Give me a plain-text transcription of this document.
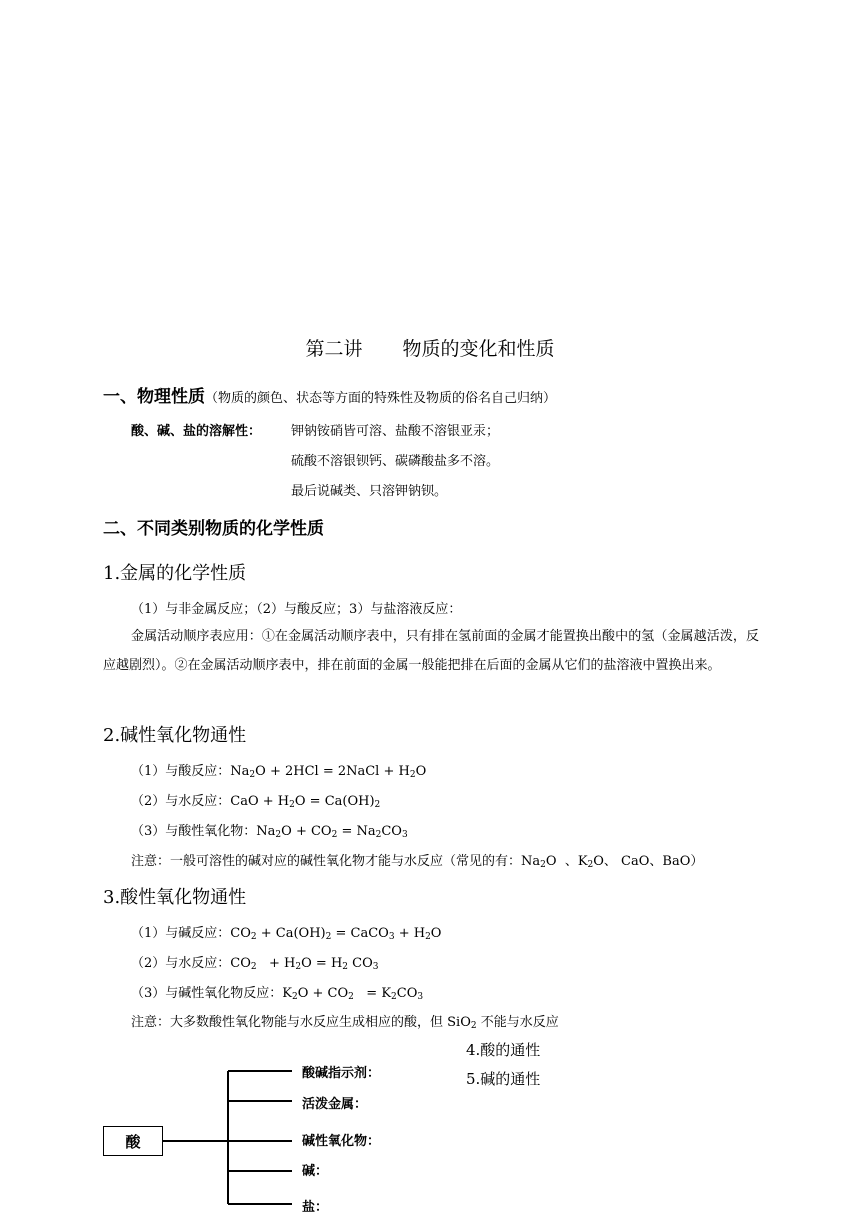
第二讲 物质的变化和性质
一、物理性质（物质的颜色、状态等方面的特殊性及物质的俗名自己归纳）
酸、碱、盐的溶解性： 钾钠铵硝皆可溶、盐酸不溶银亚汞；
硫酸不溶银钡钙、碳磷酸盐多不溶。
最后说碱类、只溶钾钠钡。
二、不同类别物质的化学性质
1.金属的化学性质
（1）与非金属反应；（2）与酸反应；3）与盐溶液反应：
金属活动顺序表应用：①在金属活动顺序表中，只有排在氢前面的金属才能置换出酸中的氢（金属越活泼，反应越剧烈）。②在金属活动顺序表中，排在前面的金属一般能把排在后面的金属从它们的盐溶液中置换出来。
2.碱性氧化物通性
（1）与酸反应：$Na_2O + 2HCl$ = 2NaCl + $H_2O$
（2）与水反应：CaO + $H_2O = Ca(OH)_2$
（3）与酸性氧化物：$Na_2O + CO_2 = Na_2CO_3$
注意：一般可溶性的碱对应的碱性氧化物才能与水反应（常见的有：$Na_2O$  、$K_2O$、 CaO、BaO）
3.酸性氧化物通性
（1）与碱反应：$CO_2 + Ca(OH)_2$ = CaCO$_3$ + $H_2O$
（2）与水反应：$CO_2 + H_2O = H_2$ $CO_3$
（3）与碱性氧化物反应：$K_2O + CO_2 = K_2CO_3$
注意：大多数酸性氧化物能与水反应生成相应的酸，但 SiO$_2$ 不能与水反应
4.酸的通性
5.碱的通性
酸
酸碱指示剂：
活泼金属：
碱性氧化物：
碱：
盐：
